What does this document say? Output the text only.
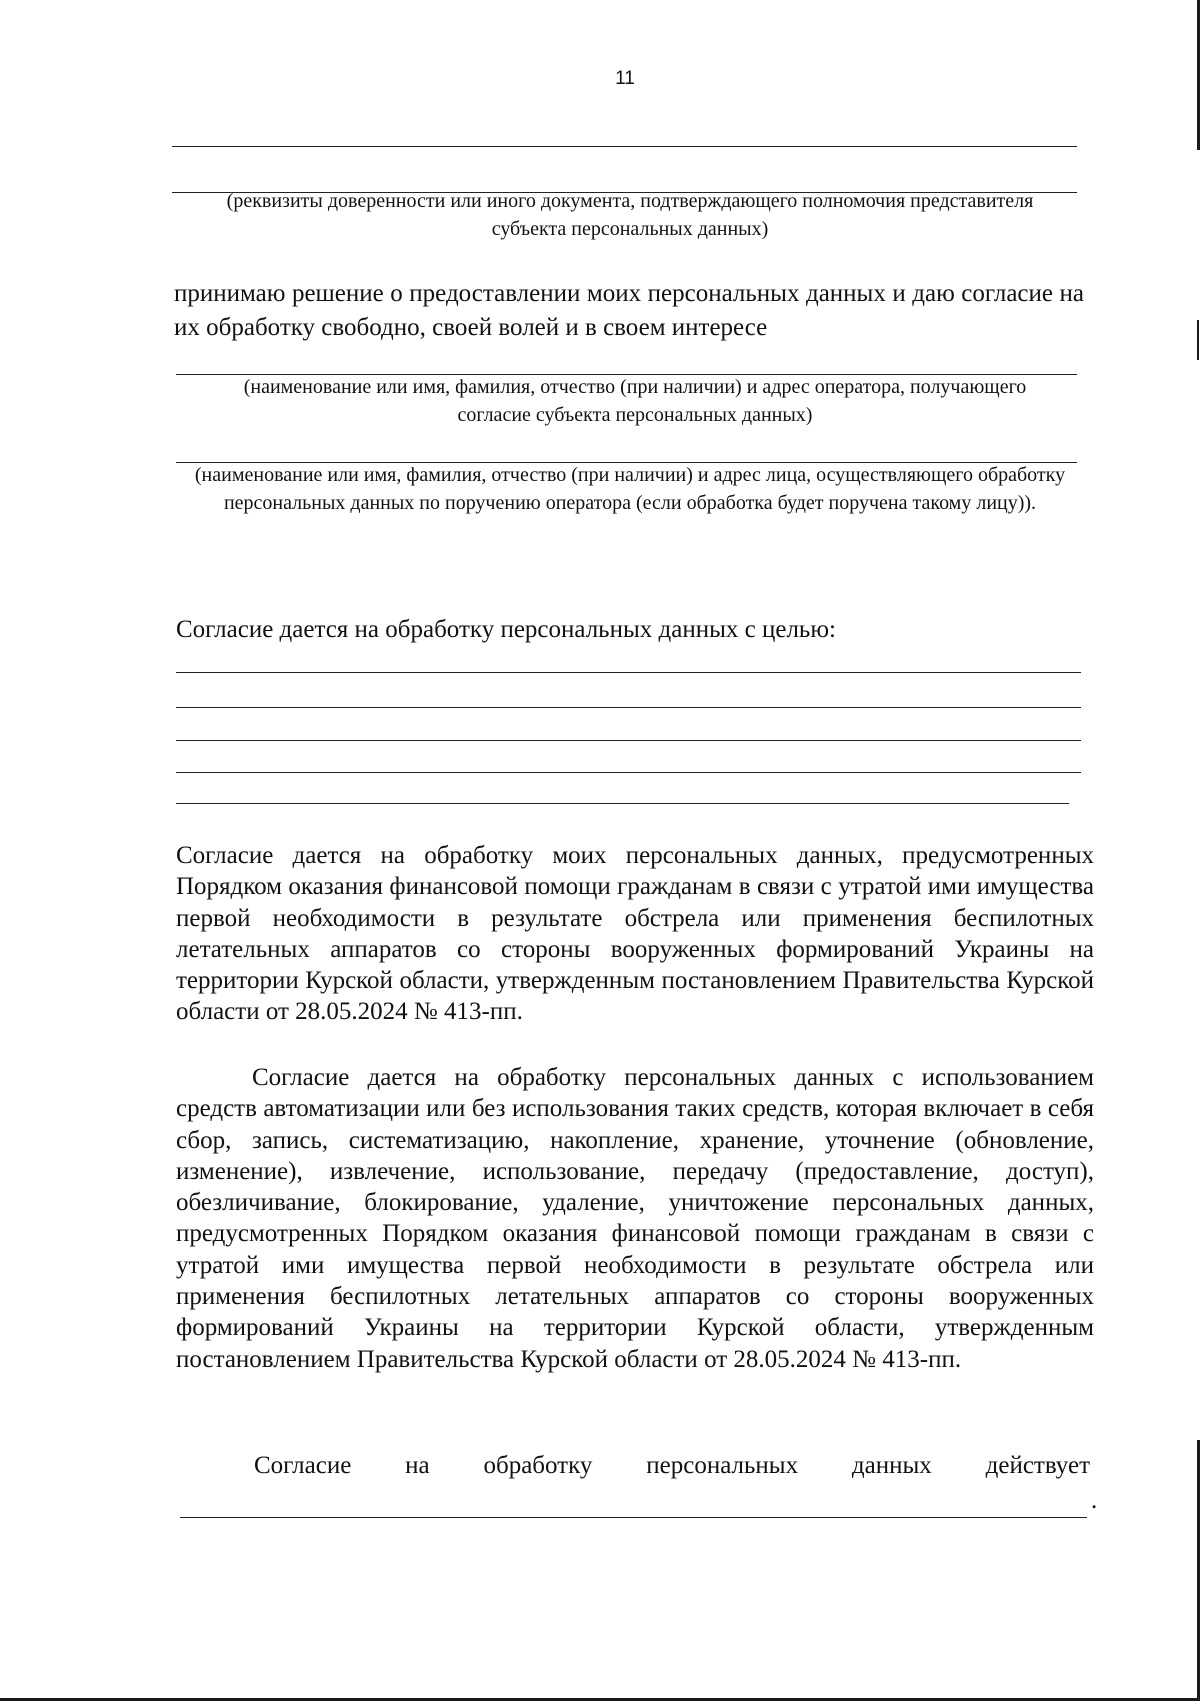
11
(реквизиты доверенности или иного документа, подтверждающего полномочия представителя субъекта персональных данных)
принимаю решение о предоставлении моих персональных данных и даю согласие на их обработку свободно, своей волей и в своем интересе
(наименование или имя, фамилия, отчество (при наличии) и адрес оператора, получающего согласие субъекта персональных данных)
(наименование или имя, фамилия, отчество (при наличии) и адрес лица, осуществляющего обработку персональных данных по поручению оператора (если обработка будет поручена такому лицу)).
Согласие дается на обработку персональных данных с целью:
Согласие дается на обработку моих персональных данных, предусмотренных Порядком оказания финансовой помощи гражданам в связи с утратой ими имущества первой необходимости в результате обстрела или применения беспилотных летательных аппаратов со стороны вооруженных формирований Украины на территории Курской области, утвержденным постановлением Правительства Курской области от 28.05.2024 № 413-пп.
Согласие дается на обработку персональных данных с использованием средств автоматизации или без использования таких средств, которая включает в себя сбор, запись, систематизацию, накопление, хранение, уточнение (обновление, изменение), извлечение, использование, передачу (предоставление, доступ), обезличивание, блокирование, удаление, уничтожение персональных данных, предусмотренных Порядком оказания финансовой помощи гражданам в связи с утратой ими имущества первой необходимости в результате обстрела или применения беспилотных летательных аппаратов со стороны вооруженных формирований Украины на территории Курской области, утвержденным постановлением Правительства Курской области от 28.05.2024 № 413-пп.
Согласие на обработку персональных данных действует
.
